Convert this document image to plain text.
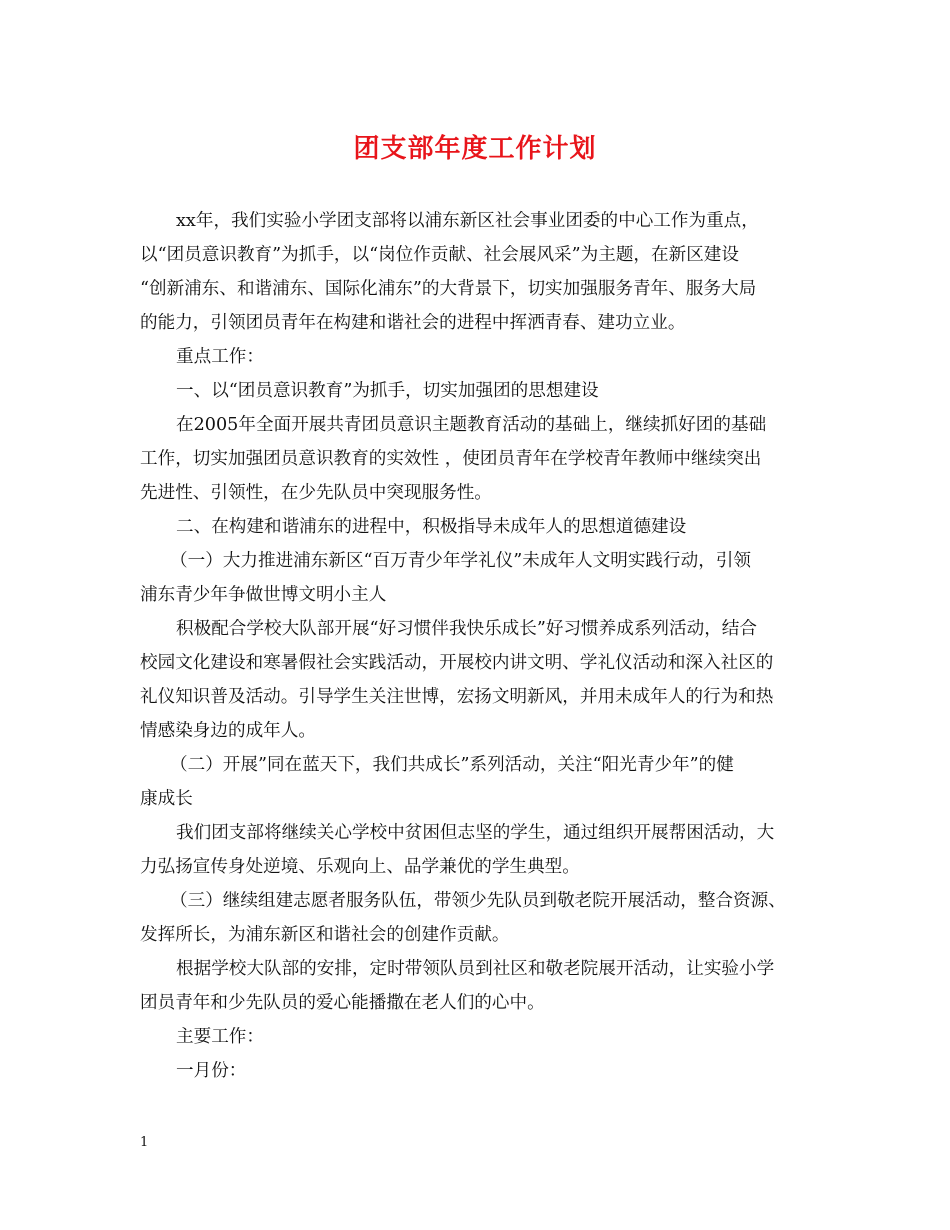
团支部年度工作计划
xx年，我们实验小学团支部将以浦东新区社会事业团委的中心工作为重点，
以“团员意识教育”为抓手，以“岗位作贡献、社会展风采”为主题，在新区建设
“创新浦东、和谐浦东、国际化浦东”的大背景下，切实加强服务青年、服务大局
的能力，引领团员青年在构建和谐社会的进程中挥洒青春、建功立业。
重点工作：
一、以“团员意识教育”为抓手，切实加强团的思想建设
在2005年全面开展共青团员意识主题教育活动的基础上，继续抓好团的基础
工作，切实加强团员意识教育的实效性 ，使团员青年在学校青年教师中继续突出
先进性、引领性，在少先队员中突现服务性。
二、在构建和谐浦东的进程中，积极指导未成年人的思想道德建设
（一）大力推进浦东新区“百万青少年学礼仪”未成年人文明实践行动，引领
浦东青少年争做世博文明小主人
积极配合学校大队部开展“好习惯伴我快乐成长”好习惯养成系列活动，结合
校园文化建设和寒暑假社会实践活动，开展校内讲文明、学礼仪活动和深入社区的
礼仪知识普及活动。引导学生关注世博，宏扬文明新风，并用未成年人的行为和热
情感染身边的成年人。
（二）开展”同在蓝天下，我们共成长”系列活动，关注“阳光青少年”的健
康成长
我们团支部将继续关心学校中贫困但志坚的学生，通过组织开展帮困活动，大
力弘扬宣传身处逆境、乐观向上、品学兼优的学生典型。
（三）继续组建志愿者服务队伍，带领少先队员到敬老院开展活动，整合资源、
发挥所长，为浦东新区和谐社会的创建作贡献。
根据学校大队部的安排，定时带领队员到社区和敬老院展开活动，让实验小学
团员青年和少先队员的爱心能播撒在老人们的心中。
主要工作：
一月份：
1
